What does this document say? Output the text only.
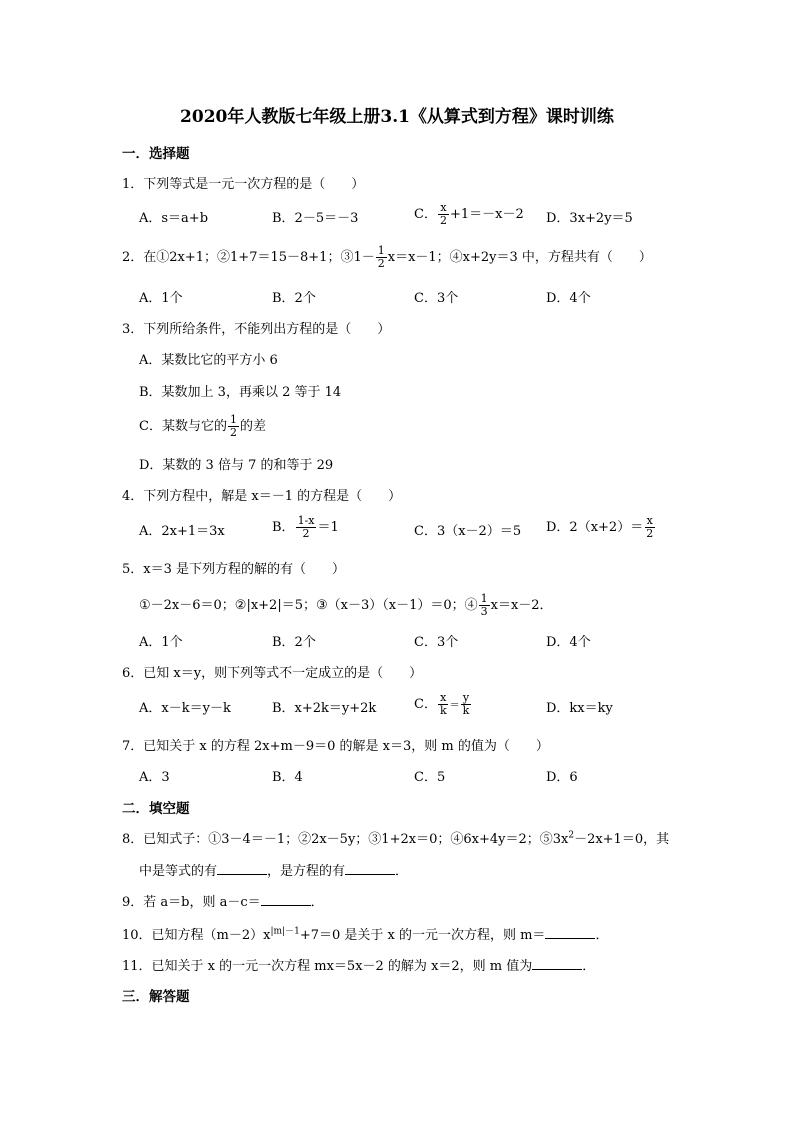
2020年人教版七年级上册3.1《从算式到方程》课时训练
一．选择题
1．下列等式是一元一次方程的是（　　）
A．s＝a+b	B．2－5＝－3	C． $\frac{x}{2} +1=-x-2$ D．3x+2y＝5
2．在①2x+1；②1+7＝15－8+1；③1－ $\frac{1}{2} x=x-1$；④x+2y＝3 中，方程共有（　　）
A．1个	B．2个	C．3个	D．4个
3．下列所给条件，不能列出方程的是（　　）
A．某数比它的平方小 6
B．某数加上 3，再乘以 2 等于 14
C．某数与它的 $\frac{1}{2}$ 的差
D．某数的 3 倍与 7 的和等于 29
4．下列方程中，解是 x＝－1 的方程是（　　）
A．2x+1＝3x	B． $\frac{1-x}{2} =1$	C．3（x－2）＝5 D．$2(x+2)= \frac{x}{2}$
5．x＝3 是下列方程的解的有（　　）
①－2x－6＝0；②|x+2|＝5；③（x－3）（x－1）＝0；④ $\frac{1}{3} x=x-2$．
A．1个	B．2个	C．3个	D．4个
6．已知 x＝y，则下列等式不一定成立的是（　　）
A．x－k＝y－k	B．x+2k＝y+2k	C． $\frac{x}{k} = \frac{y}{k}$	D．kx＝ky
7．已知关于 x 的方程 2x+m－9＝0 的解是 x＝3，则 m 的值为（　　）
A．3	B．4	C．5	D．6
二．填空题
8．已知式子：①3－4＝－1；②2x－5y；③1+2x＝0；④6x+4y＝2；$⑤3x^2-2x+1=0$，其
中是等式的有	，是方程的有	．
9．若 a＝b，则 a－c＝	．
10．已知方程$(m-2)x^{|m|-1}+7=0$ 是关于 x 的一元一次方程，则 m＝	．
11．已知关于 x 的一元一次方程 mx＝5x－2 的解为 x＝2，则 m 值为	．
三．解答题
